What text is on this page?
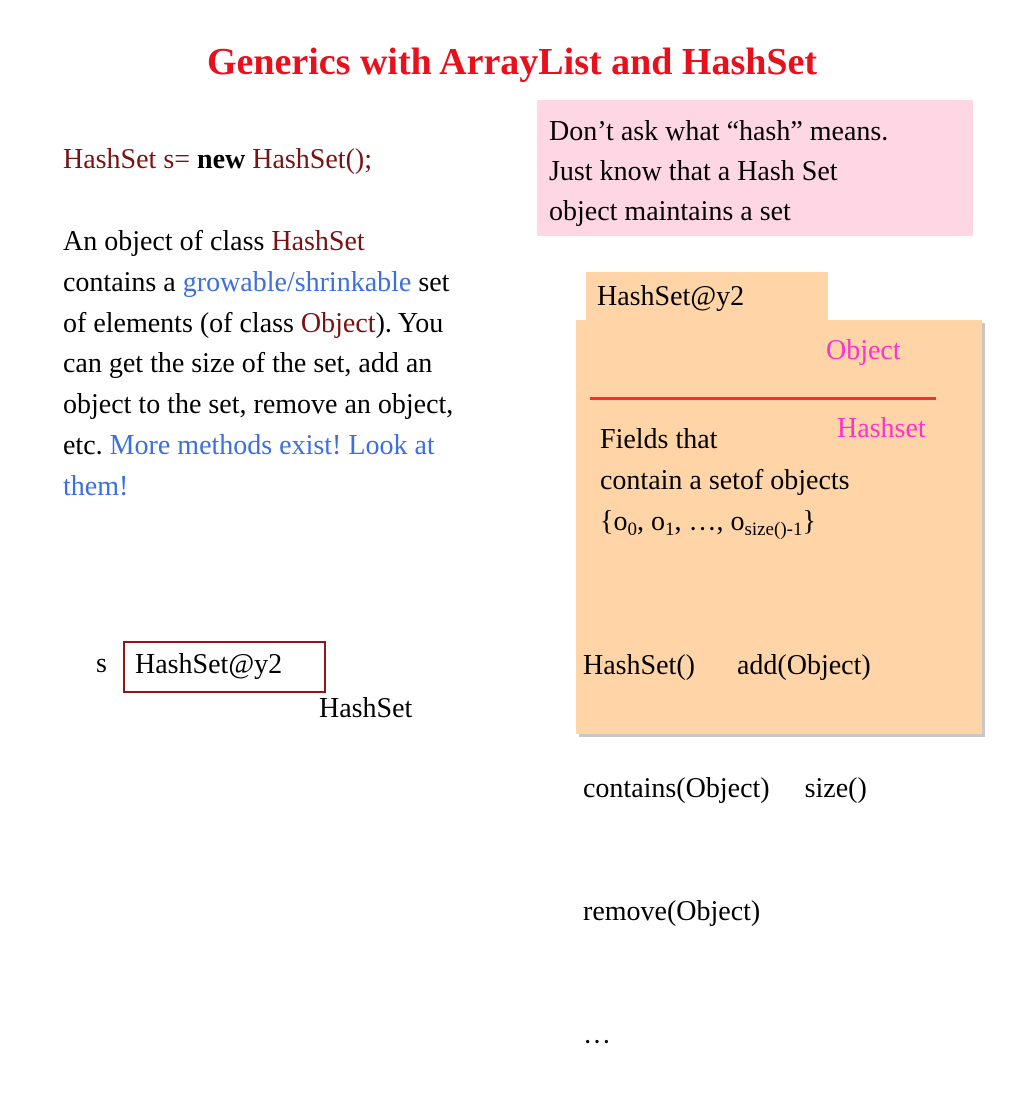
Generics with ArrayList and HashSet
HashSet s= new HashSet();
An object of class HashSet contains a growable/shrinkable set of elements (of class Object). You can get the size of the set, add an object to the set, remove an object, etc. More methods exist! Look at them!
Don’t ask what “hash” means.
Just know that a Hash Set
object maintains a set
HashSet@y2
Object
Hashset
Fields that
contain a setof objects
{$o_0$, $o_1$, …, $o_{size()-1}$}

HashSet()      add(Object)

contains(Object)     size()

remove(Object)

…

s	HashSet@y2
HashSet
